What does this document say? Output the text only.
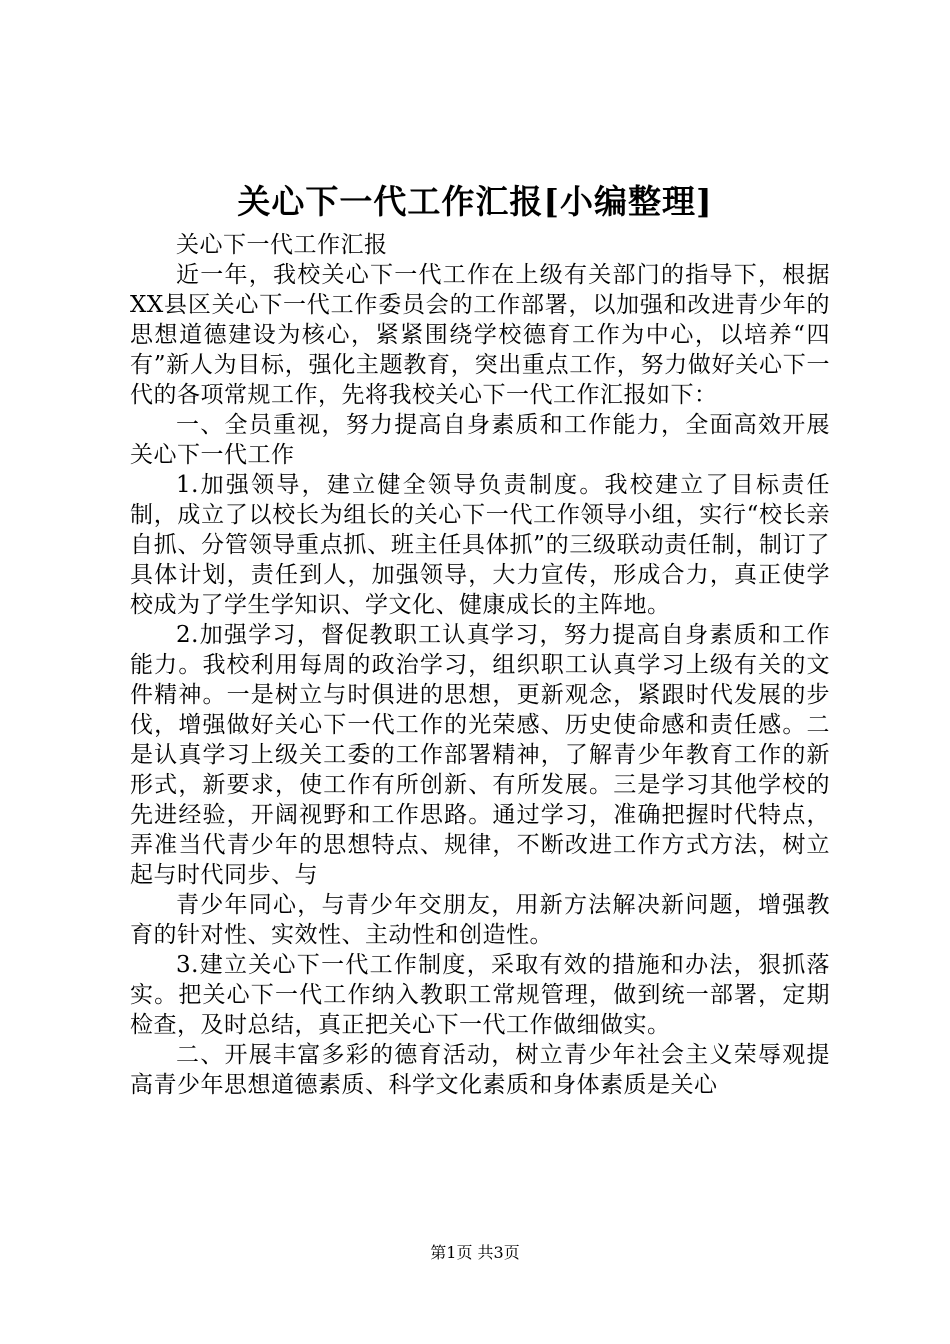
关心下一代工作汇报[小编整理]

关心下一代工作汇报

近一年，我校关心下一代工作在上级有关部门的指导下，根据XX县区关心下一代工作委员会的工作部署，以加强和改进青少年的思想道德建设为核心，紧紧围绕学校德育工作为中心，以培养“四有”新人为目标，强化主题教育，突出重点工作，努力做好关心下一代的各项常规工作，先将我校关心下一代工作汇报如下：

一、全员重视，努力提高自身素质和工作能力，全面高效开展关心下一代工作

1.加强领导，建立健全领导负责制度。我校建立了目标责任制，成立了以校长为组长的关心下一代工作领导小组，实行“校长亲自抓、分管领导重点抓、班主任具体抓”的三级联动责任制，制订了具体计划，责任到人，加强领导，大力宣传，形成合力，真正使学校成为了学生学知识、学文化、健康成长的主阵地。

2.加强学习，督促教职工认真学习，努力提高自身素质和工作能力。我校利用每周的政治学习，组织职工认真学习上级有关的文件精神。一是树立与时俱进的思想，更新观念，紧跟时代发展的步伐，增强做好关心下一代工作的光荣感、历史使命感和责任感。二是认真学习上级关工委的工作部署精神，了解青少年教育工作的新形式，新要求，使工作有所创新、有所发展。三是学习其他学校的先进经验，开阔视野和工作思路。通过学习，准确把握时代特点，弄准当代青少年的思想特点、规律，不断改进工作方式方法，树立起与时代同步、与

青少年同心，与青少年交朋友，用新方法解决新问题，增强教育的针对性、实效性、主动性和创造性。

3.建立关心下一代工作制度，采取有效的措施和办法，狠抓落实。把关心下一代工作纳入教职工常规管理，做到统一部署，定期检查，及时总结，真正把关心下一代工作做细做实。

二、开展丰富多彩的德育活动，树立青少年社会主义荣辱观提高青少年思想道德素质、科学文化素质和身体素质是关心

第1页 共3页
